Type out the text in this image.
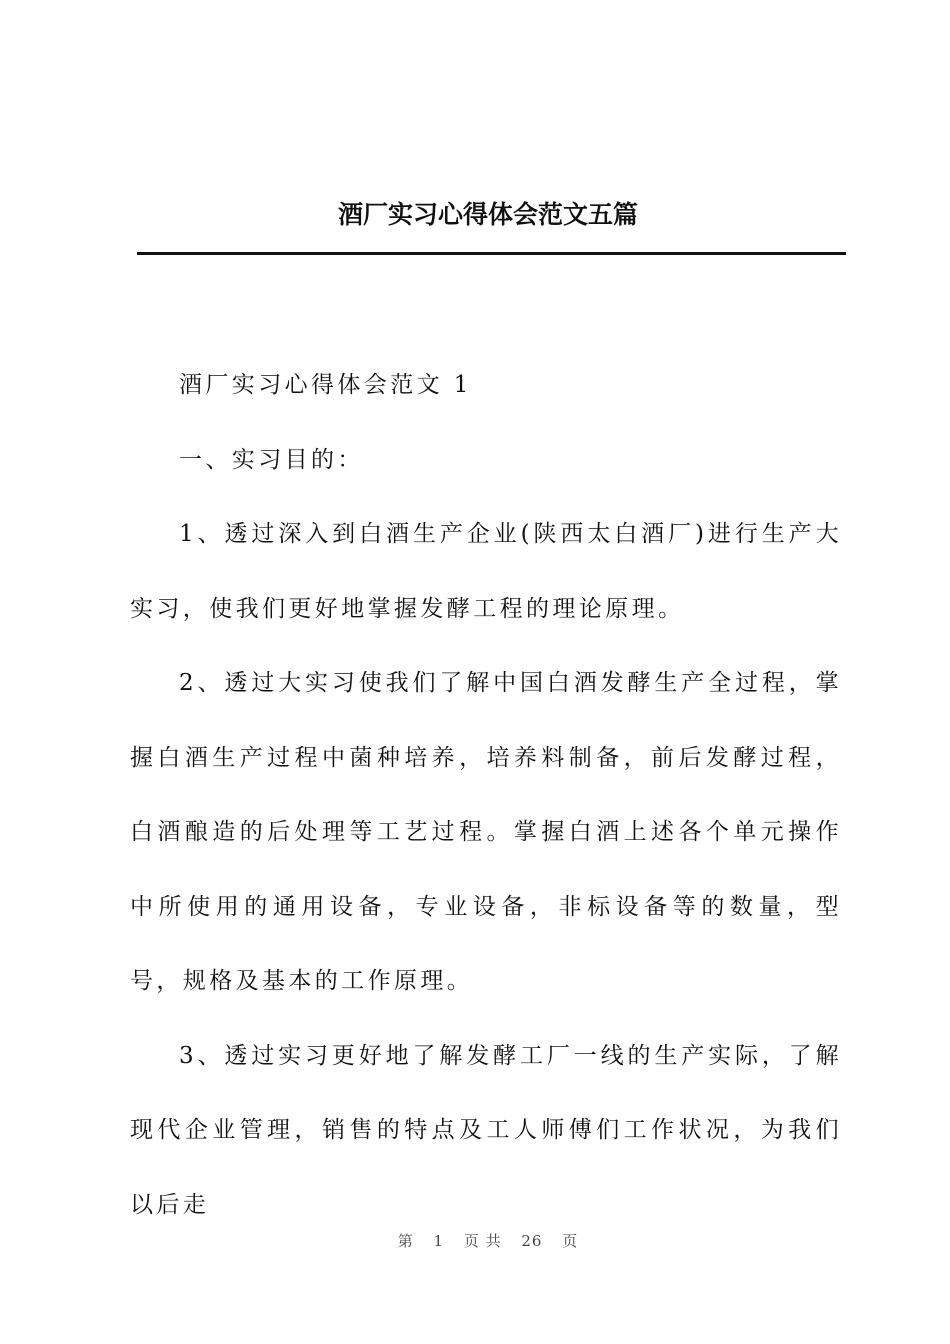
酒厂实习心得体会范文五篇

酒厂实习心得体会范文 1

一、实习目的：

1、透过深入到白酒生产企业(陕西太白酒厂)进行生产大实习，使我们更好地掌握发酵工程的理论原理。

2、透过大实习使我们了解中国白酒发酵生产全过程，掌握白酒生产过程中菌种培养，培养料制备，前后发酵过程，白酒酿造的后处理等工艺过程。掌握白酒上述各个单元操作中所使用的通用设备，专业设备，非标设备等的数量，型号，规格及基本的工作原理。

3、透过实习更好地了解发酵工厂一线的生产实际，了解现代企业管理，销售的特点及工人师傅们工作状况，为我们以后走

第 1 页 共 26 页
